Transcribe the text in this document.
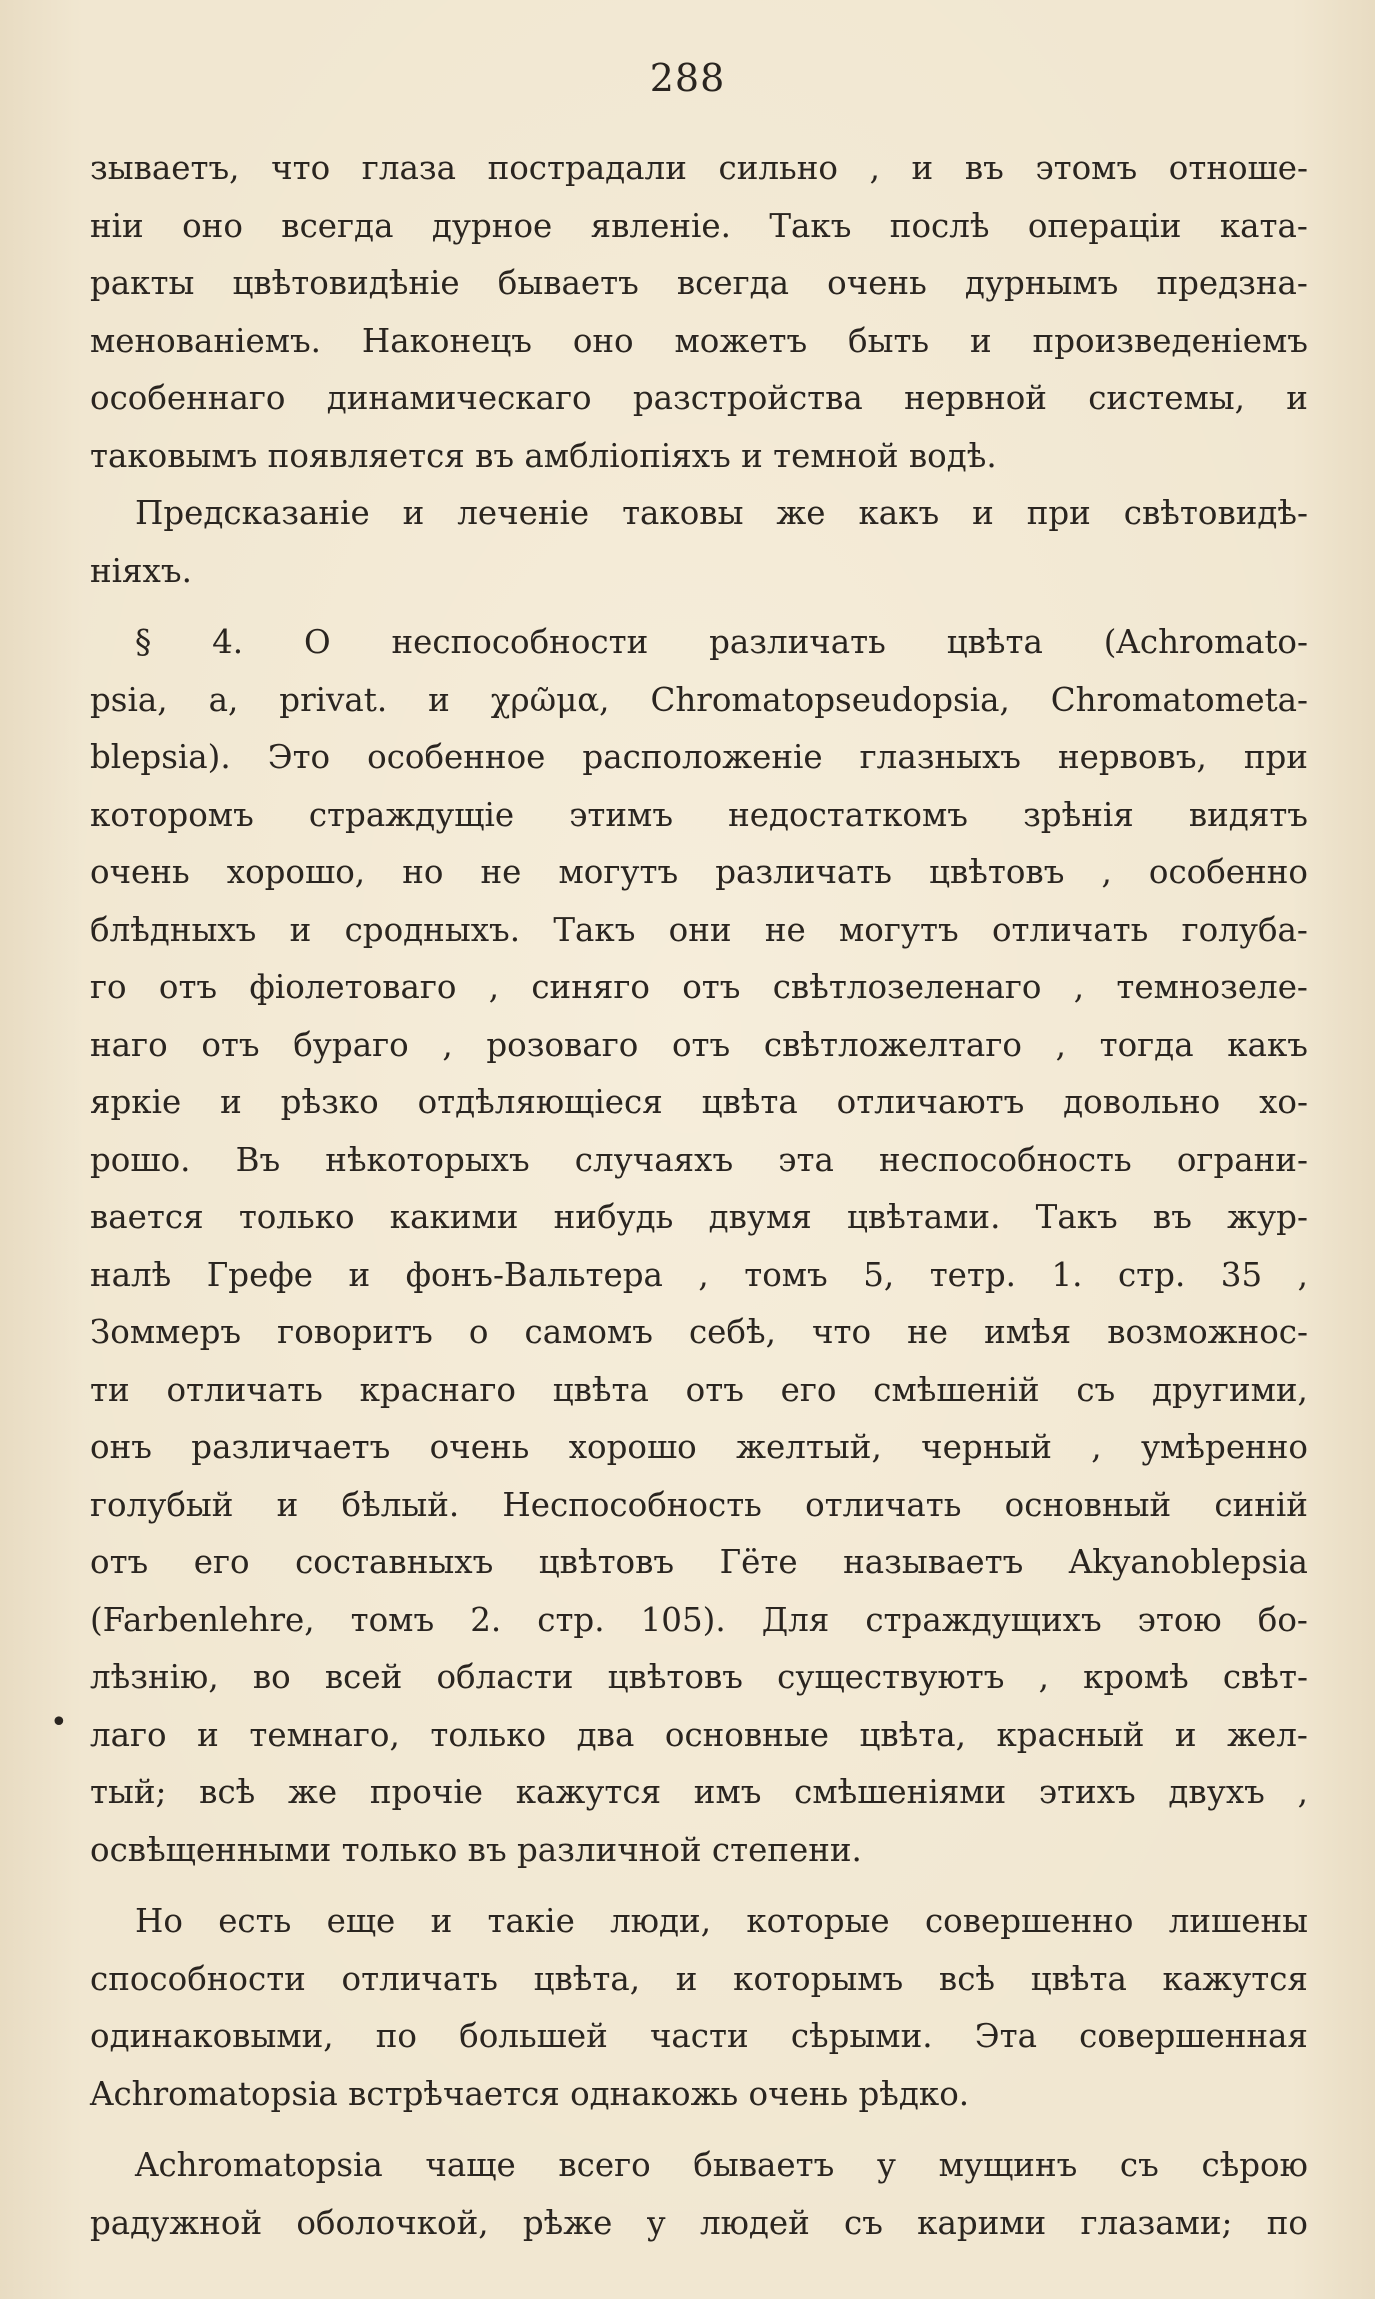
288
зываетъ, что глаза пострадали сильно , и въ этомъ отноше-
ніи оно всегда дурное явленіе. Такъ послѣ операціи ката-
ракты цвѣтовидѣніе бываетъ всегда очень дурнымъ предзна-
менованіемъ. Наконецъ оно можетъ быть и произведеніемъ
особеннаго динамическаго разстройства нервной системы, и
таковымъ появляется въ амбліопіяхъ и темной водѣ.
Предсказаніе и леченіе таковы же какъ и при свѣтовидѣ-
ніяхъ.
§ 4. О неспособности различать цвѣта (Achromato-
psia, a, privat. и χρῶμα, Chromatopseudopsia, Chromatometa-
blepsia). Это особенное расположеніе глазныхъ нервовъ, при
которомъ страждущіе этимъ недостаткомъ зрѣнія видятъ
очень хорошо, но не могутъ различать цвѣтовъ , особенно
блѣдныхъ и сродныхъ. Такъ они не могутъ отличать голуба-
го отъ фіолетоваго , синяго отъ свѣтлозеленаго , темнозеле-
наго отъ бураго , розоваго отъ свѣтложелтаго , тогда какъ
яркіе и рѣзко отдѣляющіеся цвѣта отличаютъ довольно хо-
рошо. Въ нѣкоторыхъ случаяхъ эта неспособность ограни-
вается только какими нибудь двумя цвѣтами. Такъ въ жур-
налѣ Грефе и фонъ-Вальтера , томъ 5, тетр. 1. стр. 35 ,
Зоммеръ говоритъ о самомъ себѣ, что не имѣя возможнос-
ти отличать краснаго цвѣта отъ его смѣшеній съ другими,
онъ различаетъ очень хорошо желтый, черный , умѣренно
голубый и бѣлый. Неспособность отличать основный синій
отъ его составныхъ цвѣтовъ Гёте называетъ Akyanoblepsia
(Farbenlehre, томъ 2. стр. 105). Для страждущихъ этою бо-
лѣзнію, во всей области цвѣтовъ существуютъ , кромѣ свѣт-
лаго и темнаго, только два основные цвѣта, красный и жел-
тый; всѣ же прочіе кажутся имъ смѣшеніями этихъ двухъ ,
освѣщенными только въ различной степени.
Но есть еще и такіе люди, которые совершенно лишены
способности отличать цвѣта, и которымъ всѣ цвѣта кажутся
одинаковыми, по большей части сѣрыми. Эта совершенная
Achromatopsia встрѣчается однакожь очень рѣдко.
Achromatopsia чаще всего бываетъ у мущинъ съ сѣрою
радужной оболочкой, рѣже у людей съ карими глазами; по
•
